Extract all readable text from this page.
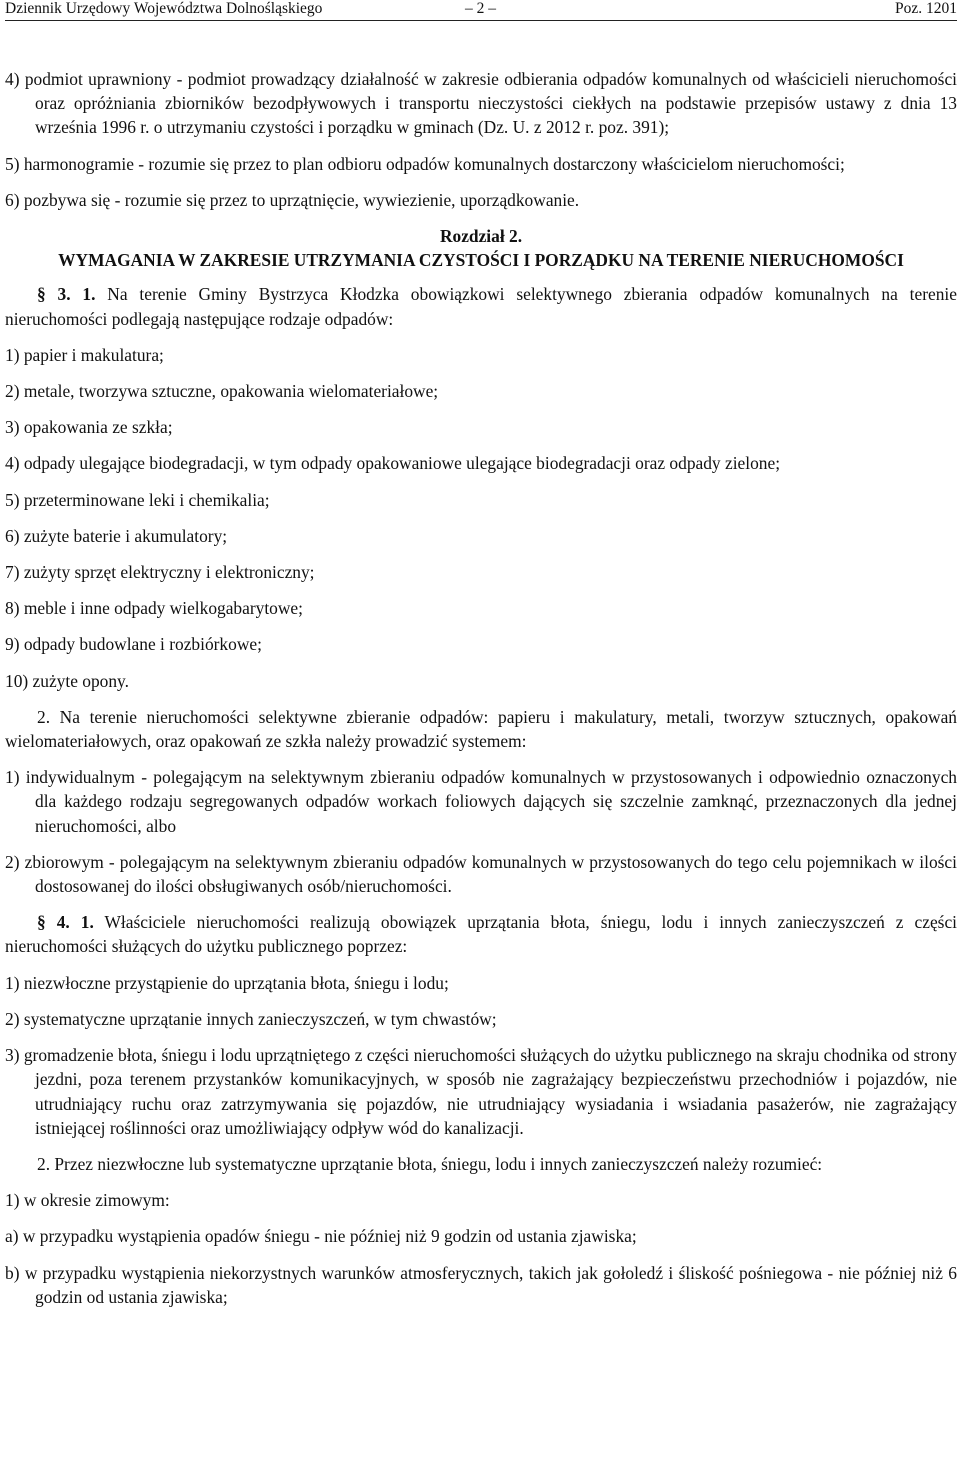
Dziennik Urzędowy Województwa Dolnośląskiego	– 2 –	Poz. 1201

4) podmiot uprawniony - podmiot prowadzący działalność w zakresie odbierania odpadów komunalnych od właścicieli nieruchomości oraz opróżniania zbiorników bezodpływowych i transportu nieczystości ciekłych na podstawie przepisów ustawy z dnia 13 września 1996 r. o utrzymaniu czystości i porządku w gminach (Dz. U. z 2012 r. poz. 391);

5) harmonogramie - rozumie się przez to plan odbioru odpadów komunalnych dostarczony właścicielom nieruchomości;

6) pozbywa się - rozumie się przez to uprzątnięcie, wywiezienie, uporządkowanie.

Rozdział 2.

WYMAGANIA W ZAKRESIE UTRZYMANIA CZYSTOŚCI I PORZĄDKU NA TERENIE NIERUCHOMOŚCI

§ 3. 1. Na terenie Gminy Bystrzyca Kłodzka obowiązkowi selektywnego zbierania odpadów komunalnych na terenie nieruchomości podlegają następujące rodzaje odpadów:

1) papier i makulatura;

2) metale, tworzywa sztuczne, opakowania wielomateriałowe;

3) opakowania ze szkła;

4) odpady ulegające biodegradacji, w tym odpady opakowaniowe ulegające biodegradacji oraz odpady zielone;

5) przeterminowane leki i chemikalia;

6) zużyte baterie i akumulatory;

7) zużyty sprzęt elektryczny i elektroniczny;

8) meble i inne odpady wielkogabarytowe;

9) odpady budowlane i rozbiórkowe;

10) zużyte opony.

2. Na terenie nieruchomości selektywne zbieranie odpadów: papieru i makulatury, metali, tworzyw sztucznych, opakowań wielomateriałowych, oraz opakowań ze szkła należy prowadzić systemem:

1) indywidualnym - polegającym na selektywnym zbieraniu odpadów komunalnych w przystosowanych i odpowiednio oznaczonych dla każdego rodzaju segregowanych odpadów workach foliowych dających się szczelnie zamknąć, przeznaczonych dla jednej nieruchomości, albo

2) zbiorowym - polegającym na selektywnym zbieraniu odpadów komunalnych w przystosowanych do tego celu pojemnikach w ilości dostosowanej do ilości obsługiwanych osób/nieruchomości.

§ 4. 1. Właściciele nieruchomości realizują obowiązek uprzątania błota, śniegu, lodu i innych zanieczyszczeń z części nieruchomości służących do użytku publicznego poprzez:

1) niezwłoczne przystąpienie do uprzątania błota, śniegu i lodu;

2) systematyczne uprzątanie innych zanieczyszczeń, w tym chwastów;

3) gromadzenie błota, śniegu i lodu uprzątniętego z części nieruchomości służących do użytku publicznego na skraju chodnika od strony jezdni, poza terenem przystanków komunikacyjnych, w sposób nie zagrażający bezpieczeństwu przechodniów i pojazdów, nie utrudniający ruchu oraz zatrzymywania się pojazdów, nie utrudniający wysiadania i wsiadania pasażerów, nie zagrażający istniejącej roślinności oraz umożliwiający odpływ wód do kanalizacji.

2. Przez niezwłoczne lub systematyczne uprzątanie błota, śniegu, lodu i innych zanieczyszczeń należy rozumieć:

1) w okresie zimowym:

a) w przypadku wystąpienia opadów śniegu - nie później niż 9 godzin od ustania zjawiska;

b) w przypadku wystąpienia niekorzystnych warunków atmosferycznych, takich jak gołoledź i śliskość pośniegowa - nie później niż 6 godzin od ustania zjawiska;
